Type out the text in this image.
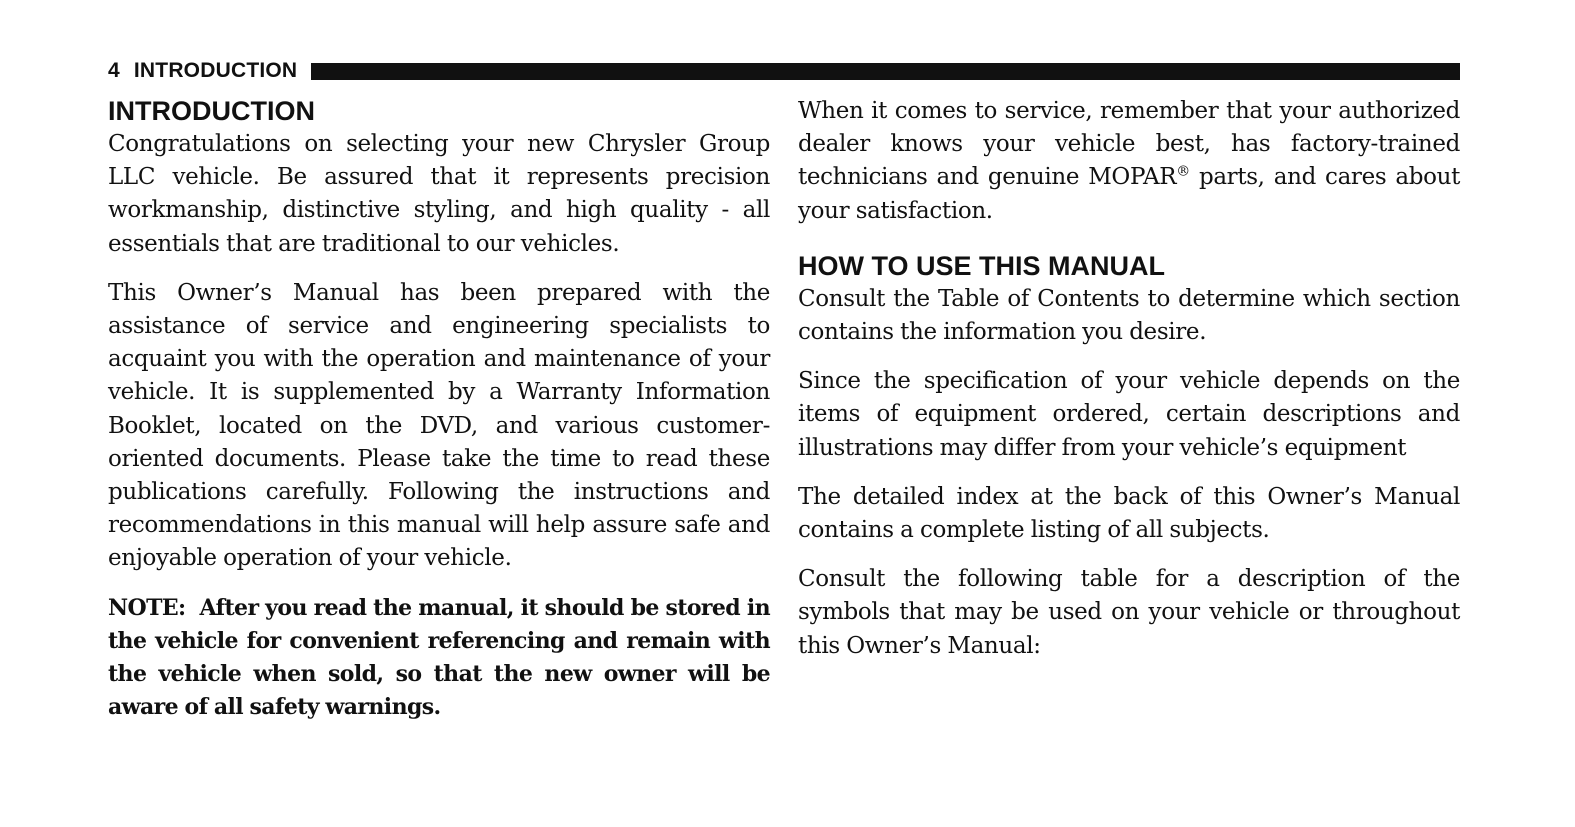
4 INTRODUCTION
INTRODUCTION

Congratulations on selecting your new Chrysler Group LLC vehicle. Be assured that it represents precision workmanship, distinctive styling, and high quality - all essentials that are traditional to our vehicles.

This Owner’s Manual has been prepared with the assistance of service and engineering specialists to acquaint you with the operation and maintenance of your vehicle. It is supplemented by a Warranty Information Booklet, located on the DVD, and various customer-oriented documents. Please take the time to read these publications carefully. Following the instructions and recommendations in this manual will help assure safe and enjoyable operation of your vehicle.

NOTE: After you read the manual, it should be stored in the vehicle for convenient referencing and remain with the vehicle when sold, so that the new owner will be aware of all safety warnings.

When it comes to service, remember that your authorized dealer knows your vehicle best, has factory-trained technicians and genuine MOPAR® parts, and cares about your satisfaction.

HOW TO USE THIS MANUAL

Consult the Table of Contents to determine which section contains the information you desire.

Since the specification of your vehicle depends on the items of equipment ordered, certain descriptions and illustrations may differ from your vehicle’s equipment

The detailed index at the back of this Owner’s Manual contains a complete listing of all subjects.

Consult the following table for a description of the symbols that may be used on your vehicle or throughout this Owner’s Manual:
